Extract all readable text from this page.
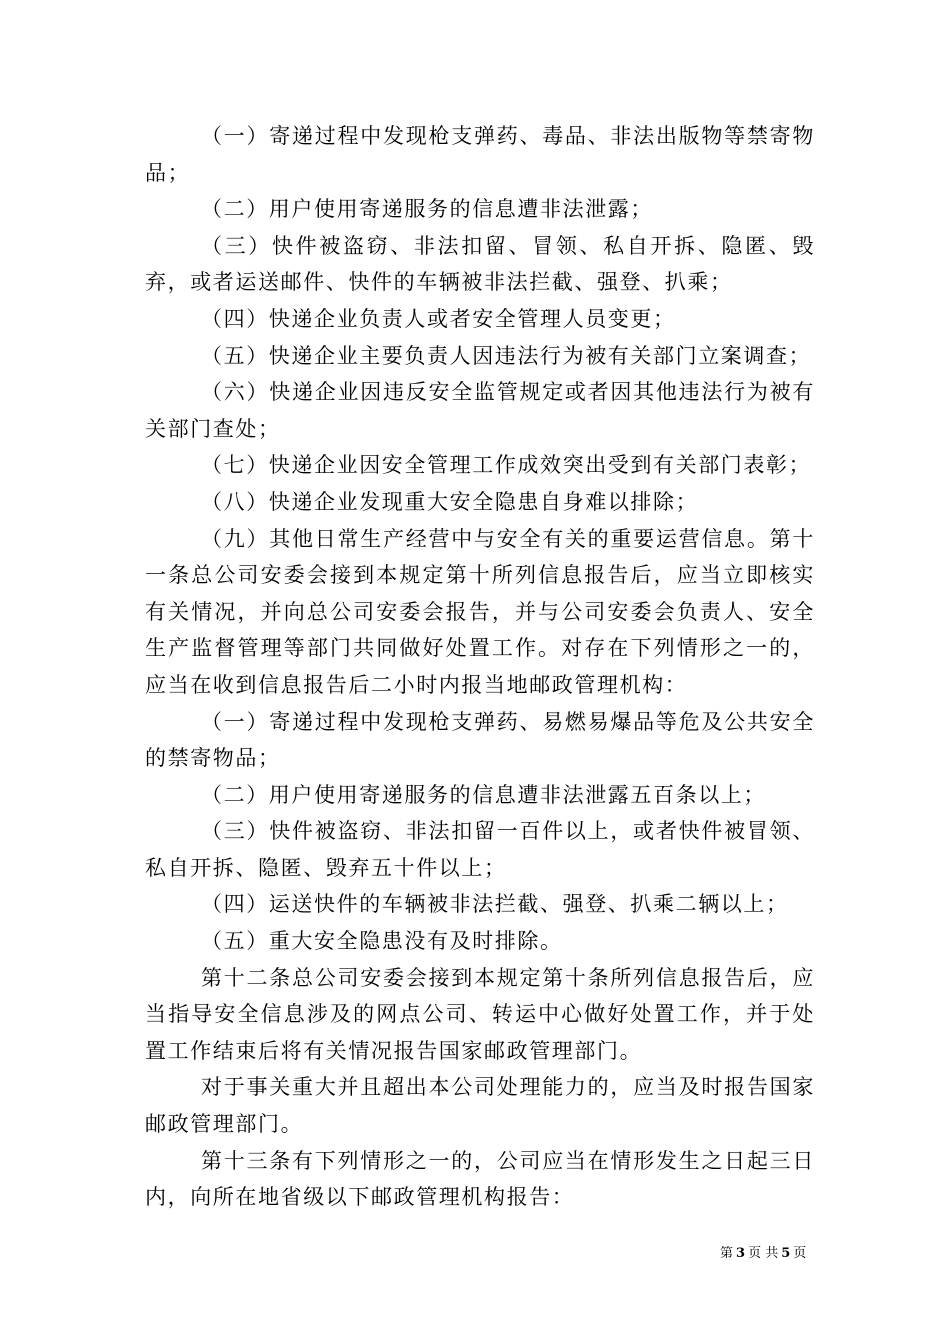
（一）寄递过程中发现枪支弹药、毒品、非法出版物等禁寄物品；

（二）用户使用寄递服务的信息遭非法泄露；

（三）快件被盗窃、非法扣留、冒领、私自开拆、隐匿、毁弃，或者运送邮件、快件的车辆被非法拦截、强登、扒乘；

（四）快递企业负责人或者安全管理人员变更；

（五）快递企业主要负责人因违法行为被有关部门立案调查；

（六）快递企业因违反安全监管规定或者因其他违法行为被有关部门查处；

（七）快递企业因安全管理工作成效突出受到有关部门表彰；

（八）快递企业发现重大安全隐患自身难以排除；

（九）其他日常生产经营中与安全有关的重要运营信息。第十一条总公司安委会接到本规定第十所列信息报告后，应当立即核实有关情况，并向总公司安委会报告，并与公司安委会负责人、安全生产监督管理等部门共同做好处置工作。对存在下列情形之一的，应当在收到信息报告后二小时内报当地邮政管理机构：

（一）寄递过程中发现枪支弹药、易燃易爆品等危及公共安全的禁寄物品；

（二）用户使用寄递服务的信息遭非法泄露五百条以上；

（三）快件被盗窃、非法扣留一百件以上，或者快件被冒领、私自开拆、隐匿、毁弃五十件以上；

（四）运送快件的车辆被非法拦截、强登、扒乘二辆以上；

（五）重大安全隐患没有及时排除。

第十二条总公司安委会接到本规定第十条所列信息报告后，应当指导安全信息涉及的网点公司、转运中心做好处置工作，并于处置工作结束后将有关情况报告国家邮政管理部门。

对于事关重大并且超出本公司处理能力的，应当及时报告国家邮政管理部门。

第十三条有下列情形之一的，公司应当在情形发生之日起三日内，向所在地省级以下邮政管理机构报告：

第 3 页 共 5 页
